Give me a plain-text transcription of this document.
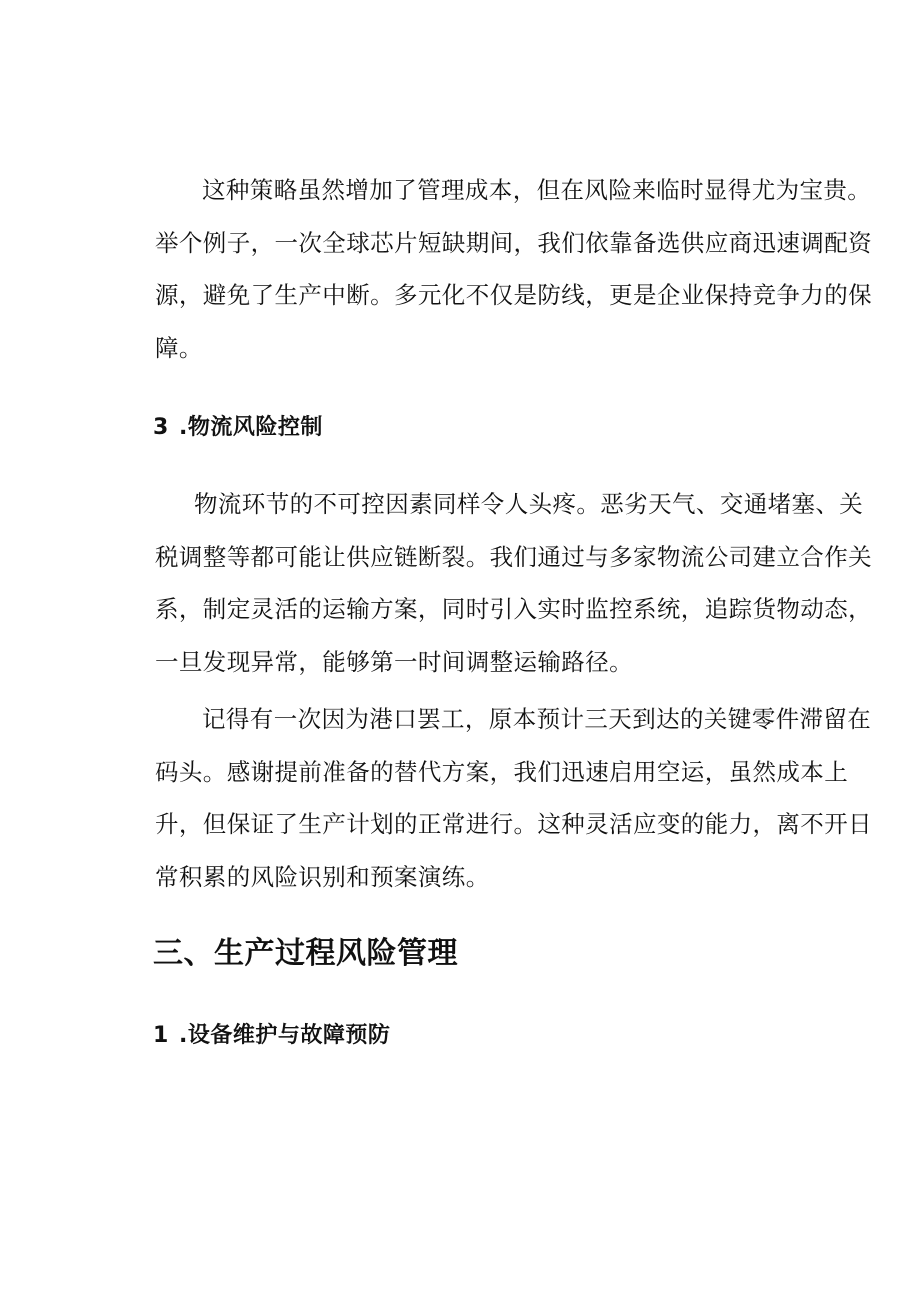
这种策略虽然增加了管理成本，但在风险来临时显得尤为宝贵。
举个例子，一次全球芯片短缺期间，我们依靠备选供应商迅速调配资
源，避免了生产中断。多元化不仅是防线，更是企业保持竞争力的保
障。

3 .物流风险控制

物流环节的不可控因素同样令人头疼。恶劣天气、交通堵塞、关
税调整等都可能让供应链断裂。我们通过与多家物流公司建立合作关
系，制定灵活的运输方案，同时引入实时监控系统，追踪货物动态，
一旦发现异常，能够第一时间调整运输路径。

记得有一次因为港口罢工，原本预计三天到达的关键零件滞留在
码头。感谢提前准备的替代方案，我们迅速启用空运，虽然成本上
升，但保证了生产计划的正常进行。这种灵活应变的能力，离不开日
常积累的风险识别和预案演练。

三、生产过程风险管理
1 .设备维护与故障预防
